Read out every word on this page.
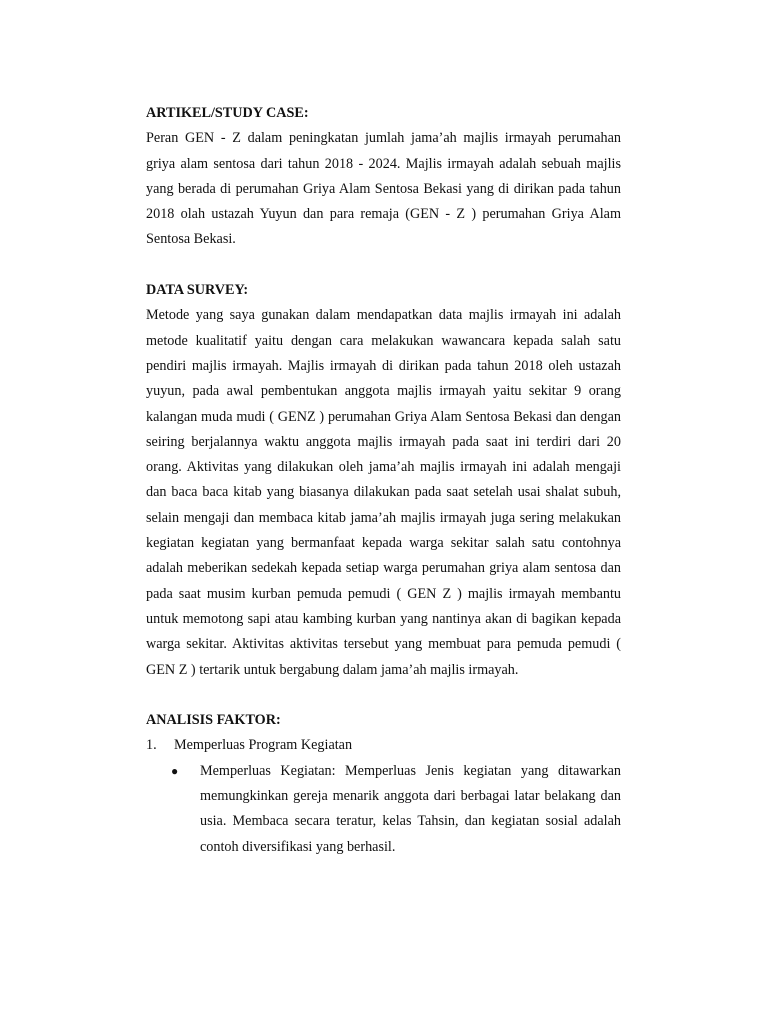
ARTIKEL/STUDY CASE:

Peran GEN - Z dalam peningkatan jumlah jama’ah majlis irmayah perumahan griya alam sentosa dari tahun 2018 - 2024. Majlis irmayah adalah sebuah majlis yang berada di perumahan Griya Alam Sentosa Bekasi yang di dirikan pada tahun 2018 olah ustazah Yuyun dan para remaja (GEN - Z ) perumahan Griya Alam Sentosa Bekasi.

DATA SURVEY:

Metode yang saya gunakan dalam mendapatkan data majlis irmayah ini adalah metode kualitatif yaitu dengan cara melakukan wawancara kepada salah satu pendiri majlis irmayah. Majlis irmayah di dirikan pada tahun 2018 oleh ustazah yuyun, pada awal pembentukan anggota majlis irmayah yaitu sekitar 9 orang kalangan muda mudi ( GENZ ) perumahan Griya Alam Sentosa Bekasi dan dengan seiring berjalannya waktu anggota majlis irmayah pada saat ini terdiri dari 20 orang. Aktivitas yang dilakukan oleh jama’ah majlis irmayah ini adalah mengaji dan baca baca kitab yang biasanya dilakukan pada saat setelah usai shalat subuh, selain mengaji dan membaca kitab jama’ah majlis irmayah juga sering melakukan kegiatan kegiatan yang bermanfaat kepada warga sekitar salah satu contohnya adalah meberikan sedekah kepada setiap warga perumahan griya alam sentosa dan pada saat musim kurban pemuda pemudi ( GEN Z ) majlis irmayah membantu untuk memotong sapi atau kambing kurban yang nantinya akan di bagikan kepada warga sekitar. Aktivitas aktivitas tersebut yang membuat para pemuda pemudi ( GEN Z ) tertarik untuk bergabung dalam jama’ah majlis irmayah.

ANALISIS FAKTOR:

1. Memperluas Program Kegiatan
● Memperluas Kegiatan: Memperluas Jenis kegiatan yang ditawarkan memungkinkan gereja menarik anggota dari berbagai latar belakang dan usia. Membaca secara teratur, kelas Tahsin, dan kegiatan sosial adalah contoh diversifikasi yang berhasil.
